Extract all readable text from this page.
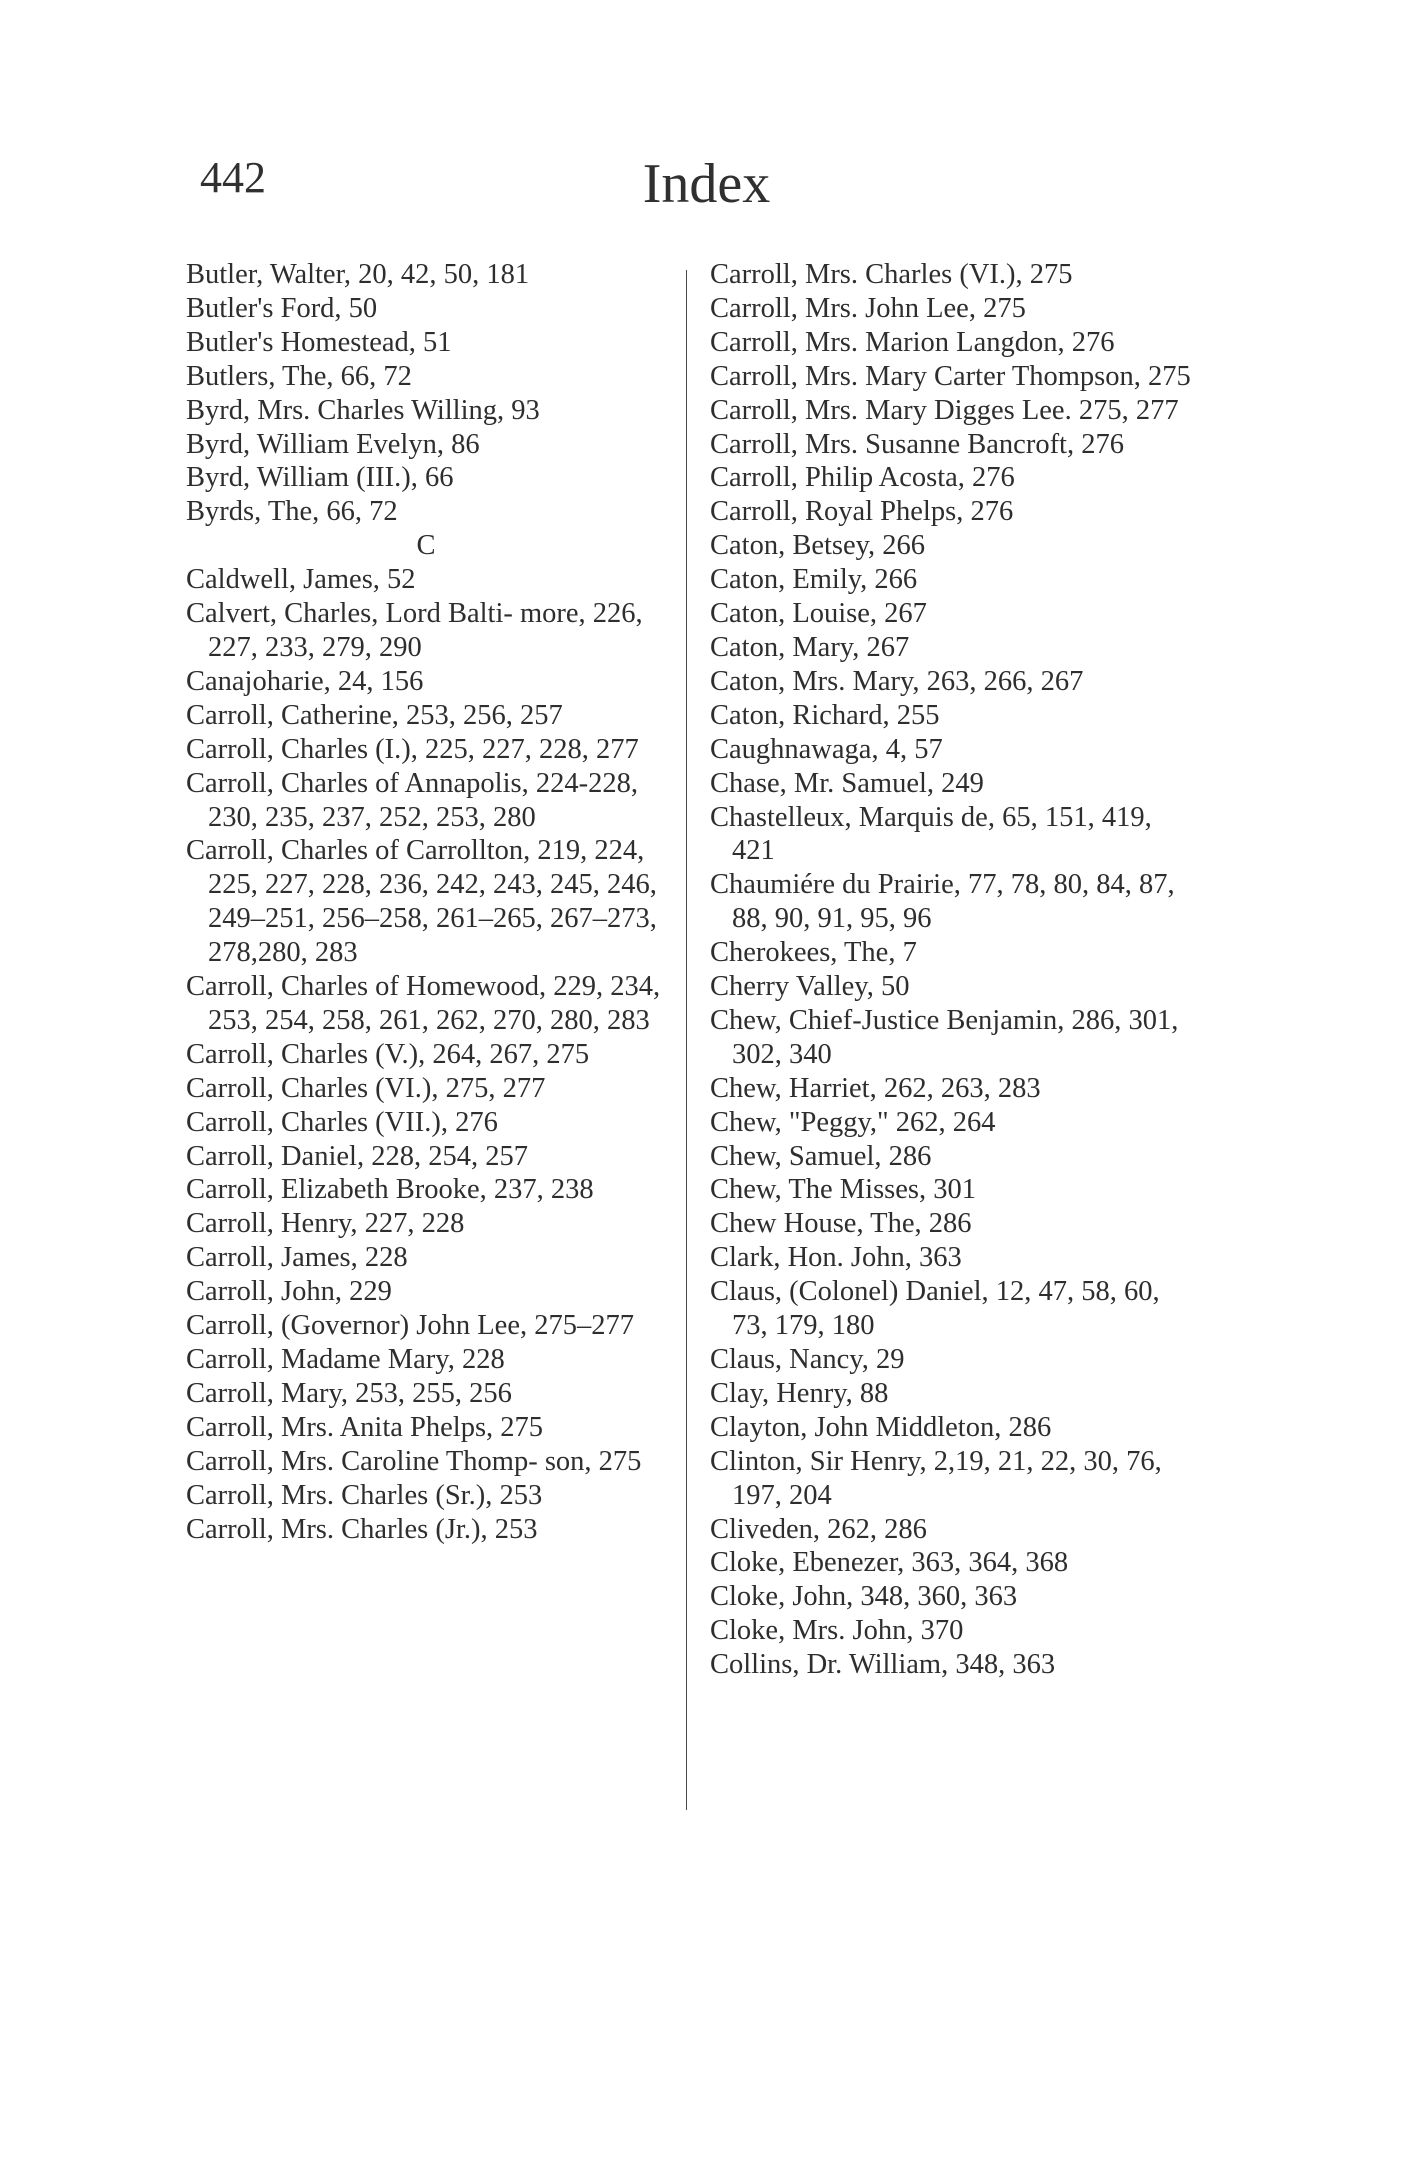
442	Index

Butler, Walter, 20, 42, 50, 181

Butler's Ford, 50

Butler's Homestead, 51

Butlers, The, 66, 72

Byrd, Mrs. Charles Willing, 93

Byrd, William Evelyn, 86

Byrd, William (III.), 66

Byrds, The, 66, 72

C

Caldwell, James, 52

Calvert, Charles, Lord Balti- more, 226, 227, 233, 279, 290

Canajoharie, 24, 156

Carroll, Catherine, 253, 256, 257

Carroll, Charles (I.), 225, 227, 228, 277

Carroll, Charles of Annapolis, 224-228, 230, 235, 237, 252, 253, 280

Carroll, Charles of Carrollton, 219, 224, 225, 227, 228, 236, 242, 243, 245, 246, 249–251, 256–258, 261–265, 267–273, 278,280, 283

Carroll, Charles of Homewood, 229, 234, 253, 254, 258, 261, 262, 270, 280, 283

Carroll, Charles (V.), 264, 267, 275

Carroll, Charles (VI.), 275, 277

Carroll, Charles (VII.), 276

Carroll, Daniel, 228, 254, 257

Carroll, Elizabeth Brooke, 237, 238

Carroll, Henry, 227, 228

Carroll, James, 228

Carroll, John, 229

Carroll, (Governor) John Lee, 275–277

Carroll, Madame Mary, 228

Carroll, Mary, 253, 255, 256

Carroll, Mrs. Anita Phelps, 275

Carroll, Mrs. Caroline Thomp- son, 275

Carroll, Mrs. Charles (Sr.), 253

Carroll, Mrs. Charles (Jr.), 253

Carroll, Mrs. Charles (VI.), 275

Carroll, Mrs. John Lee, 275

Carroll, Mrs. Marion Langdon, 276

Carroll, Mrs. Mary Carter Thompson, 275

Carroll, Mrs. Mary Digges Lee. 275, 277

Carroll, Mrs. Susanne Bancroft, 276

Carroll, Philip Acosta, 276

Carroll, Royal Phelps, 276

Caton, Betsey, 266

Caton, Emily, 266

Caton, Louise, 267

Caton, Mary, 267

Caton, Mrs. Mary, 263, 266, 267

Caton, Richard, 255

Caughnawaga, 4, 57

Chase, Mr. Samuel, 249

Chastelleux, Marquis de, 65, 151, 419, 421

Chaumiére du Prairie, 77, 78, 80, 84, 87, 88, 90, 91, 95, 96

Cherokees, The, 7

Cherry Valley, 50

Chew, Chief-Justice Benjamin, 286, 301, 302, 340

Chew, Harriet, 262, 263, 283

Chew, "Peggy," 262, 264

Chew, Samuel, 286

Chew, The Misses, 301

Chew House, The, 286

Clark, Hon. John, 363

Claus, (Colonel) Daniel, 12, 47, 58, 60, 73, 179, 180

Claus, Nancy, 29

Clay, Henry, 88

Clayton, John Middleton, 286

Clinton, Sir Henry, 2,19, 21, 22, 30, 76, 197, 204

Cliveden, 262, 286

Cloke, Ebenezer, 363, 364, 368

Cloke, John, 348, 360, 363

Cloke, Mrs. John, 370

Collins, Dr. William, 348, 363
